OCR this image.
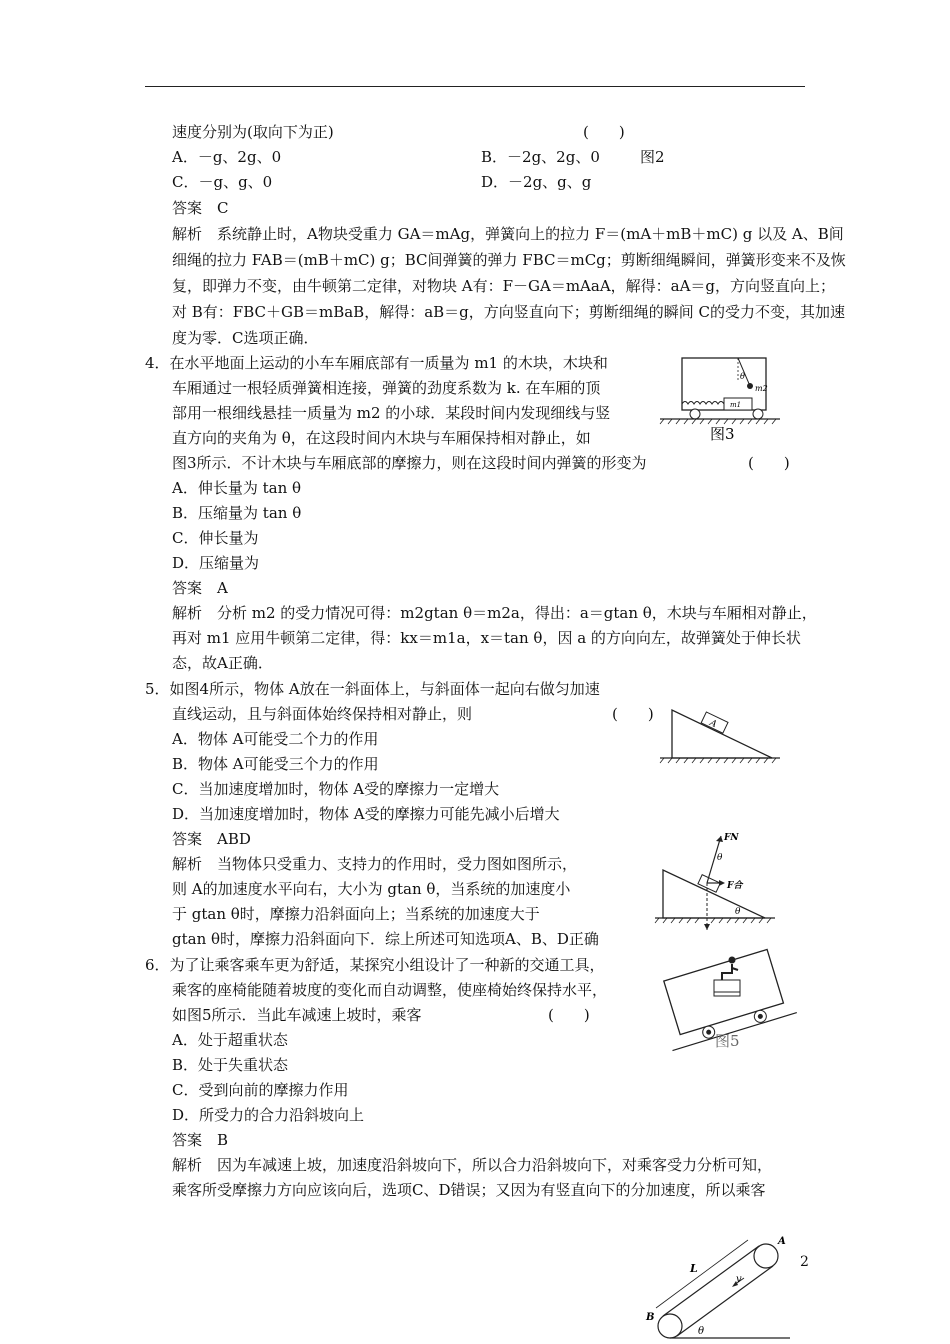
速度分别为(取向下为正)	(　　)
A．－g、2g、0	B．－2g、2g、0	图2
C．－g、g、0	D．－2g、g、g
答案　C
解析　系统静止时，A物块受重力 GA＝mAg，弹簧向上的拉力 F＝(mA＋mB＋mC) g 以及 A、B间
细绳的拉力 FAB＝(mB＋mC) g；BC间弹簧的弹力 FBC＝mCg；剪断细绳瞬间，弹簧形变来不及恢
复，即弹力不变，由牛顿第二定律，对物块 A有：F－GA＝mAaA，解得：aA＝g，方向竖直向上；
对 B有：FBC＋GB＝mBaB，解得：aB＝g，方向竖直向下；剪断细绳的瞬间 C的受力不变，其加速
度为零．C选项正确．
4．在水平地面上运动的小车车厢底部有一质量为 m1 的木块，木块和
车厢通过一根轻质弹簧相连接，弹簧的劲度系数为 k. 在车厢的顶
部用一根细线悬挂一质量为 m2 的小球．某段时间内发现细线与竖
直方向的夹角为 θ，在这段时间内木块与车厢保持相对静止，如
图3所示．不计木块与车厢底部的摩擦力，则在这段时间内弹簧的形变为	(　　)
A．伸长量为 tan θ
B．压缩量为 tan θ
C．伸长量为
D．压缩量为
答案　A
解析　分析 m2 的受力情况可得：m2gtan θ＝m2a，得出：a＝gtan θ，木块与车厢相对静止，
再对 m1 应用牛顿第二定律，得：kx＝m1a，x＝tan θ，因 a 的方向向左，故弹簧处于伸长状
态，故A正确．
θ
m2
m1
图3
5．如图4所示，物体 A放在一斜面体上，与斜面体一起向右做匀加速
直线运动，且与斜面体始终保持相对静止，则	(　　)
A．物体 A可能受二个力的作用
B．物体 A可能受三个力的作用
C．当加速度增加时，物体 A受的摩擦力一定增大
D．当加速度增加时，物体 A受的摩擦力可能先减小后增大
答案　ABD
解析　当物体只受重力、支持力的作用时，受力图如图所示，
则 A的加速度水平向右，大小为 gtan θ，当系统的加速度小
于 gtan θ时，摩擦力沿斜面向上；当系统的加速度大于
gtan θ时，摩擦力沿斜面向下．综上所述可知选项A、B、D正确
A
FN
F合
θ
θ
6．为了让乘客乘车更为舒适，某探究小组设计了一种新的交通工具，
乘客的座椅能随着坡度的变化而自动调整，使座椅始终保持水平，
如图5所示．当此车减速上坡时，乘客	(　　)
A．处于超重状态
B．处于失重状态
C．受到向前的摩擦力作用
D．所受力的合力沿斜坡向上
答案　B
解析　因为车减速上坡，加速度沿斜坡向下，所以合力沿斜坡向下，对乘客受力分析可知，
乘客所受摩擦力方向应该向后，选项C、D错误；又因为有竖直向下的分加速度，所以乘客
图5
L
v
A
B
θ
2
